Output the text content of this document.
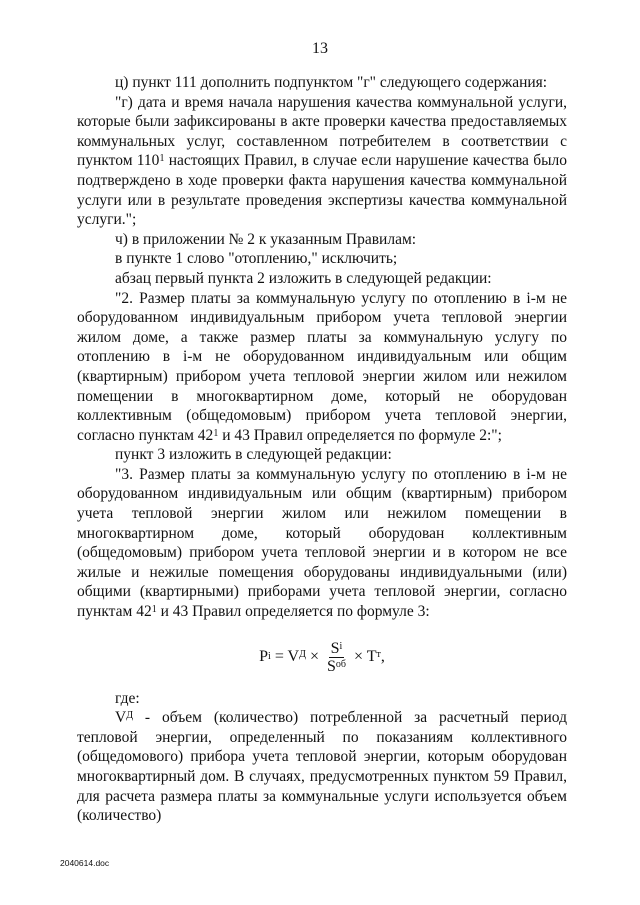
13

ц) пункт 111 дополнить подпунктом "г" следующего содержания:

"г) дата и время начала нарушения качества коммунальной услуги, которые были зафиксированы в акте проверки качества предоставляемых коммунальных услуг, составленном потребителем в соответствии с пунктом $110^1$ настоящих Правил, в случае если нарушение качества было подтверждено в ходе проверки факта нарушения качества коммунальной услуги или в результате проведения экспертизы качества коммунальной услуги.";

ч) в приложении № 2 к указанным Правилам:

в пункте 1 слово "отоплению," исключить;

абзац первый пункта 2 изложить в следующей редакции:

"2. Размер платы за коммунальную услугу по отоплению в i-м не оборудованном индивидуальным прибором учета тепловой энергии жилом доме, а также размер платы за коммунальную услугу по отоплению в i-м не оборудованном индивидуальным или общим (квартирным) прибором учета тепловой энергии жилом или нежилом помещении в многоквартирном доме, который не оборудован коллективным (общедомовым) прибором учета тепловой энергии, согласно пунктам $42^1$ и 43 Правил определяется по формуле 2:";

пункт 3 изложить в следующей редакции:

"3. Размер платы за коммунальную услугу по отоплению в i-м не оборудованном индивидуальным или общим (квартирным) прибором учета тепловой энергии жилом или нежилом помещении в многоквартирном доме, который оборудован коллективным (общедомовым) прибором учета тепловой энергии и в котором не все жилые и нежилые помещения оборудованы индивидуальными (или) общими (квартирными) приборами учета тепловой энергии, согласно пунктам $42^1$ и 43 Правил определяется по формуле 3:

P $i = V^Д \times \frac{S^i}{S^{об}} \times T^т$ ,

где:

$V^Д$ - объем (количество) потребленной за расчетный период тепловой энергии, определенный по показаниям коллективного (общедомового) прибора учета тепловой энергии, которым оборудован многоквартирный дом. В случаях, предусмотренных пунктом 59 Правил, для расчета размера платы за коммунальные услуги используется объем (количество)

2040614.doc
